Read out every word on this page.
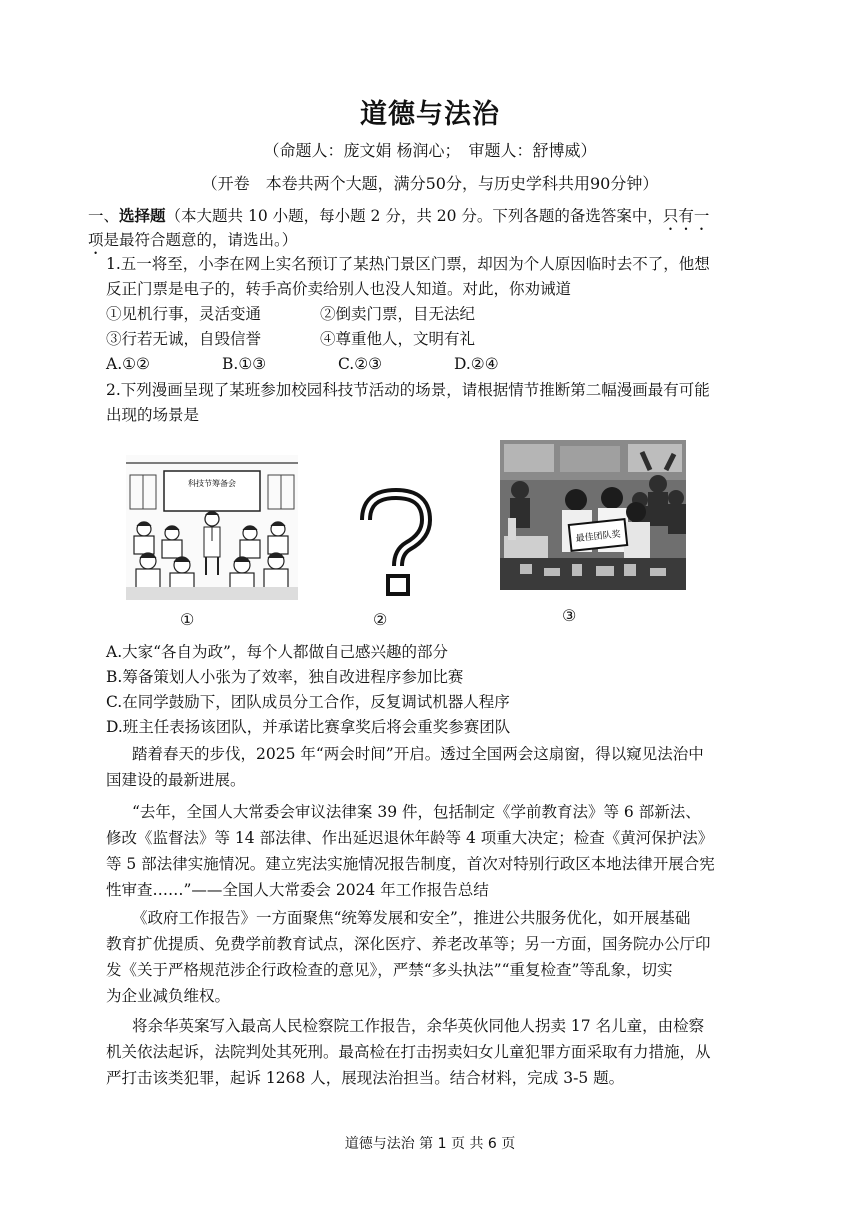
道德与法治
（命题人：庞文娟 杨润心；　审题人：舒博威）
（开卷　本卷共两个大题，满分50分，与历史学科共用90分钟）
一、选择题（本大题共 10 小题，每小题 2 分，共 20 分。下列各题的备选答案中，只有一
项是最符合题意的，请选出。）
1.五一将至，小李在网上实名预订了某热门景区门票，却因为个人原因临时去不了，他想
反正门票是电子的，转手高价卖给别人也没人知道。对此，你劝诫道
①见机行事，灵活变通	②倒卖门票，目无法纪
③行若无诚，自毁信誉	④尊重他人，文明有礼
A.①②	B.①③	C.②③	D.②④
2.下列漫画呈现了某班参加校园科技节活动的场景，请根据情节推断第二幅漫画最有可能
出现的场景是
科技节筹备会
①	②
最佳团队奖
③
A.大家“各自为政”，每个人都做自己感兴趣的部分
B.筹备策划人小张为了效率，独自改进程序参加比赛
C.在同学鼓励下，团队成员分工合作，反复调试机器人程序
D.班主任表扬该团队，并承诺比赛拿奖后将会重奖参赛团队
踏着春天的步伐，2025 年“两会时间”开启。透过全国两会这扇窗，得以窥见法治中
国建设的最新进展。
“去年，全国人大常委会审议法律案 39 件，包括制定《学前教育法》等 6 部新法、
修改《监督法》等 14 部法律、作出延迟退休年龄等 4 项重大决定；检查《黄河保护法》
等 5 部法律实施情况。建立宪法实施情况报告制度，首次对特别行政区本地法律开展合宪
性审查……”——全国人大常委会 2024 年工作报告总结
《政府工作报告》一方面聚焦“统筹发展和安全”，推进公共服务优化，如开展基础
教育扩优提质、免费学前教育试点，深化医疗、养老改革等；另一方面，国务院办公厅印
发《关于严格规范涉企行政检查的意见》，严禁“多头执法”“重复检查”等乱象，切实
为企业减负维权。
将余华英案写入最高人民检察院工作报告，余华英伙同他人拐卖 17 名儿童，由检察
机关依法起诉，法院判处其死刑。最高检在打击拐卖妇女儿童犯罪方面采取有力措施，从
严打击该类犯罪，起诉 1268 人，展现法治担当。结合材料，完成 3-5 题。
道德与法治 第 1 页 共 6 页
